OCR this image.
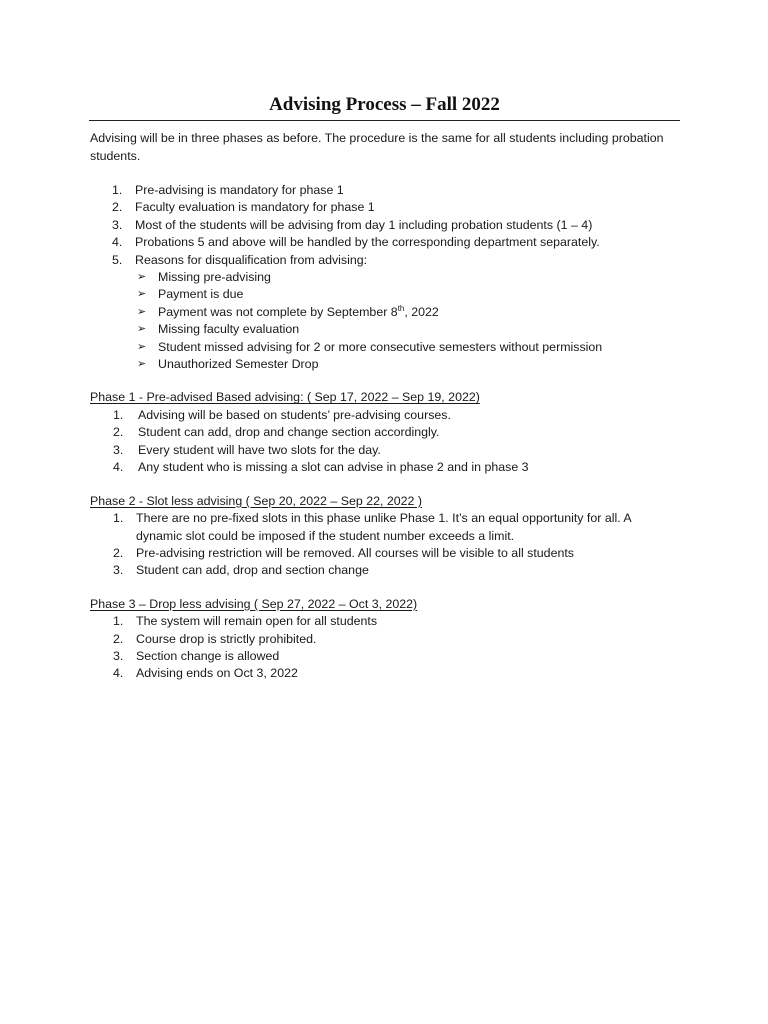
Advising Process – Fall 2022

Advising will be in three phases as before. The procedure is the same for all students including probation students.

1.	Pre-advising is mandatory for phase 1
2.	Faculty evaluation is mandatory for phase 1
3.	Most of the students will be advising from day 1 including probation students (1 – 4)
4.	Probations 5 and above will be handled by the corresponding department separately.
5.	Reasons for disqualification from advising:
➢ Missing pre-advising
➢ Payment is due
➢ Payment was not complete by September 8th, 2022
➢ Missing faculty evaluation
➢ Student missed advising for 2 or more consecutive semesters without permission
➢ Unauthorized Semester Drop
Phase 1 - Pre-advised Based advising: ( Sep 17, 2022 – Sep 19, 2022)
1.	Advising will be based on students’ pre-advising courses.
2.	Student can add, drop and change section accordingly.
3.	Every student will have two slots for the day.
4.	Any student who is missing a slot can advise in phase 2 and in phase 3
Phase 2 - Slot less advising ( Sep 20, 2022 – Sep 22, 2022 )
1.	There are no pre-fixed slots in this phase unlike Phase 1. It’s an equal opportunity for all. A
dynamic slot could be imposed if the student number exceeds a limit.
2.	Pre-advising restriction will be removed. All courses will be visible to all students
3.	Student can add, drop and section change
Phase 3 – Drop less advising ( Sep 27, 2022 – Oct 3, 2022)
1.	The system will remain open for all students
2.	Course drop is strictly prohibited.
3.	Section change is allowed
4.	Advising ends on Oct 3, 2022
